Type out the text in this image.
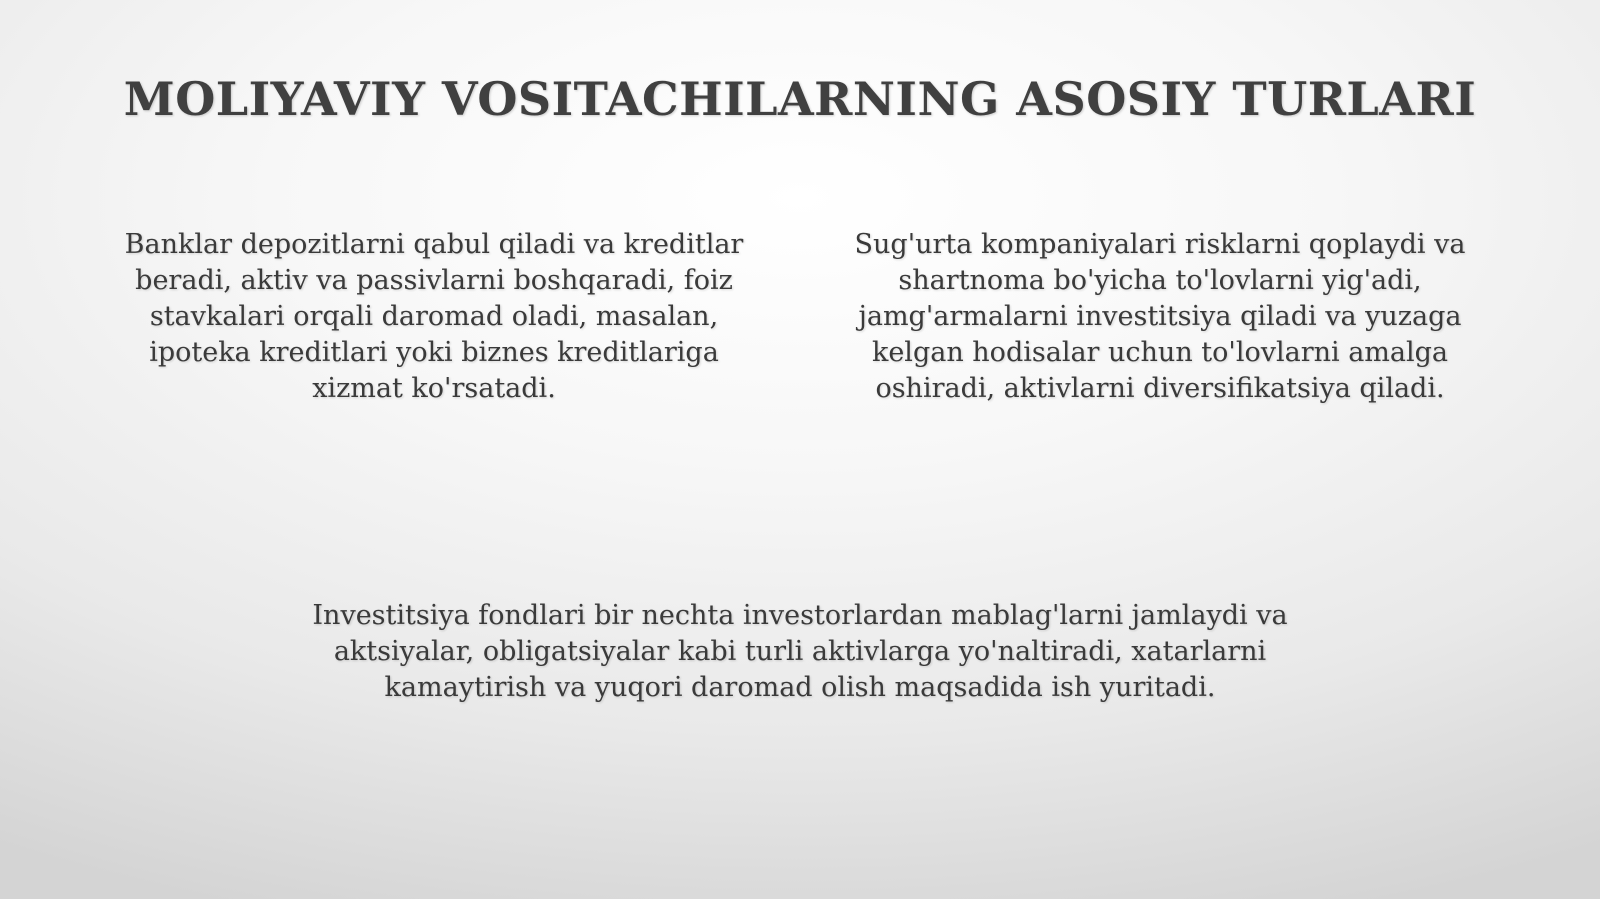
MOLIYAVIY VOSITACHILARNING ASOSIY TURLARI

Banklar depozitlarni qabul qiladi va kreditlar beradi, aktiv va passivlarni boshqaradi, foiz stavkalari orqali daromad oladi, masalan, ipoteka kreditlari yoki biznes kreditlariga xizmat ko'rsatadi.

Sug'urta kompaniyalari risklarni qoplaydi va shartnoma bo'yicha to'lovlarni yig'adi, jamg'armalarni investitsiya qiladi va yuzaga kelgan hodisalar uchun to'lovlarni amalga oshiradi, aktivlarni diversifikatsiya qiladi.

Investitsiya fondlari bir nechta investorlardan mablag'larni jamlaydi va aktsiyalar, obligatsiyalar kabi turli aktivlarga yo'naltiradi, xatarlarni kamaytirish va yuqori daromad olish maqsadida ish yuritadi.
